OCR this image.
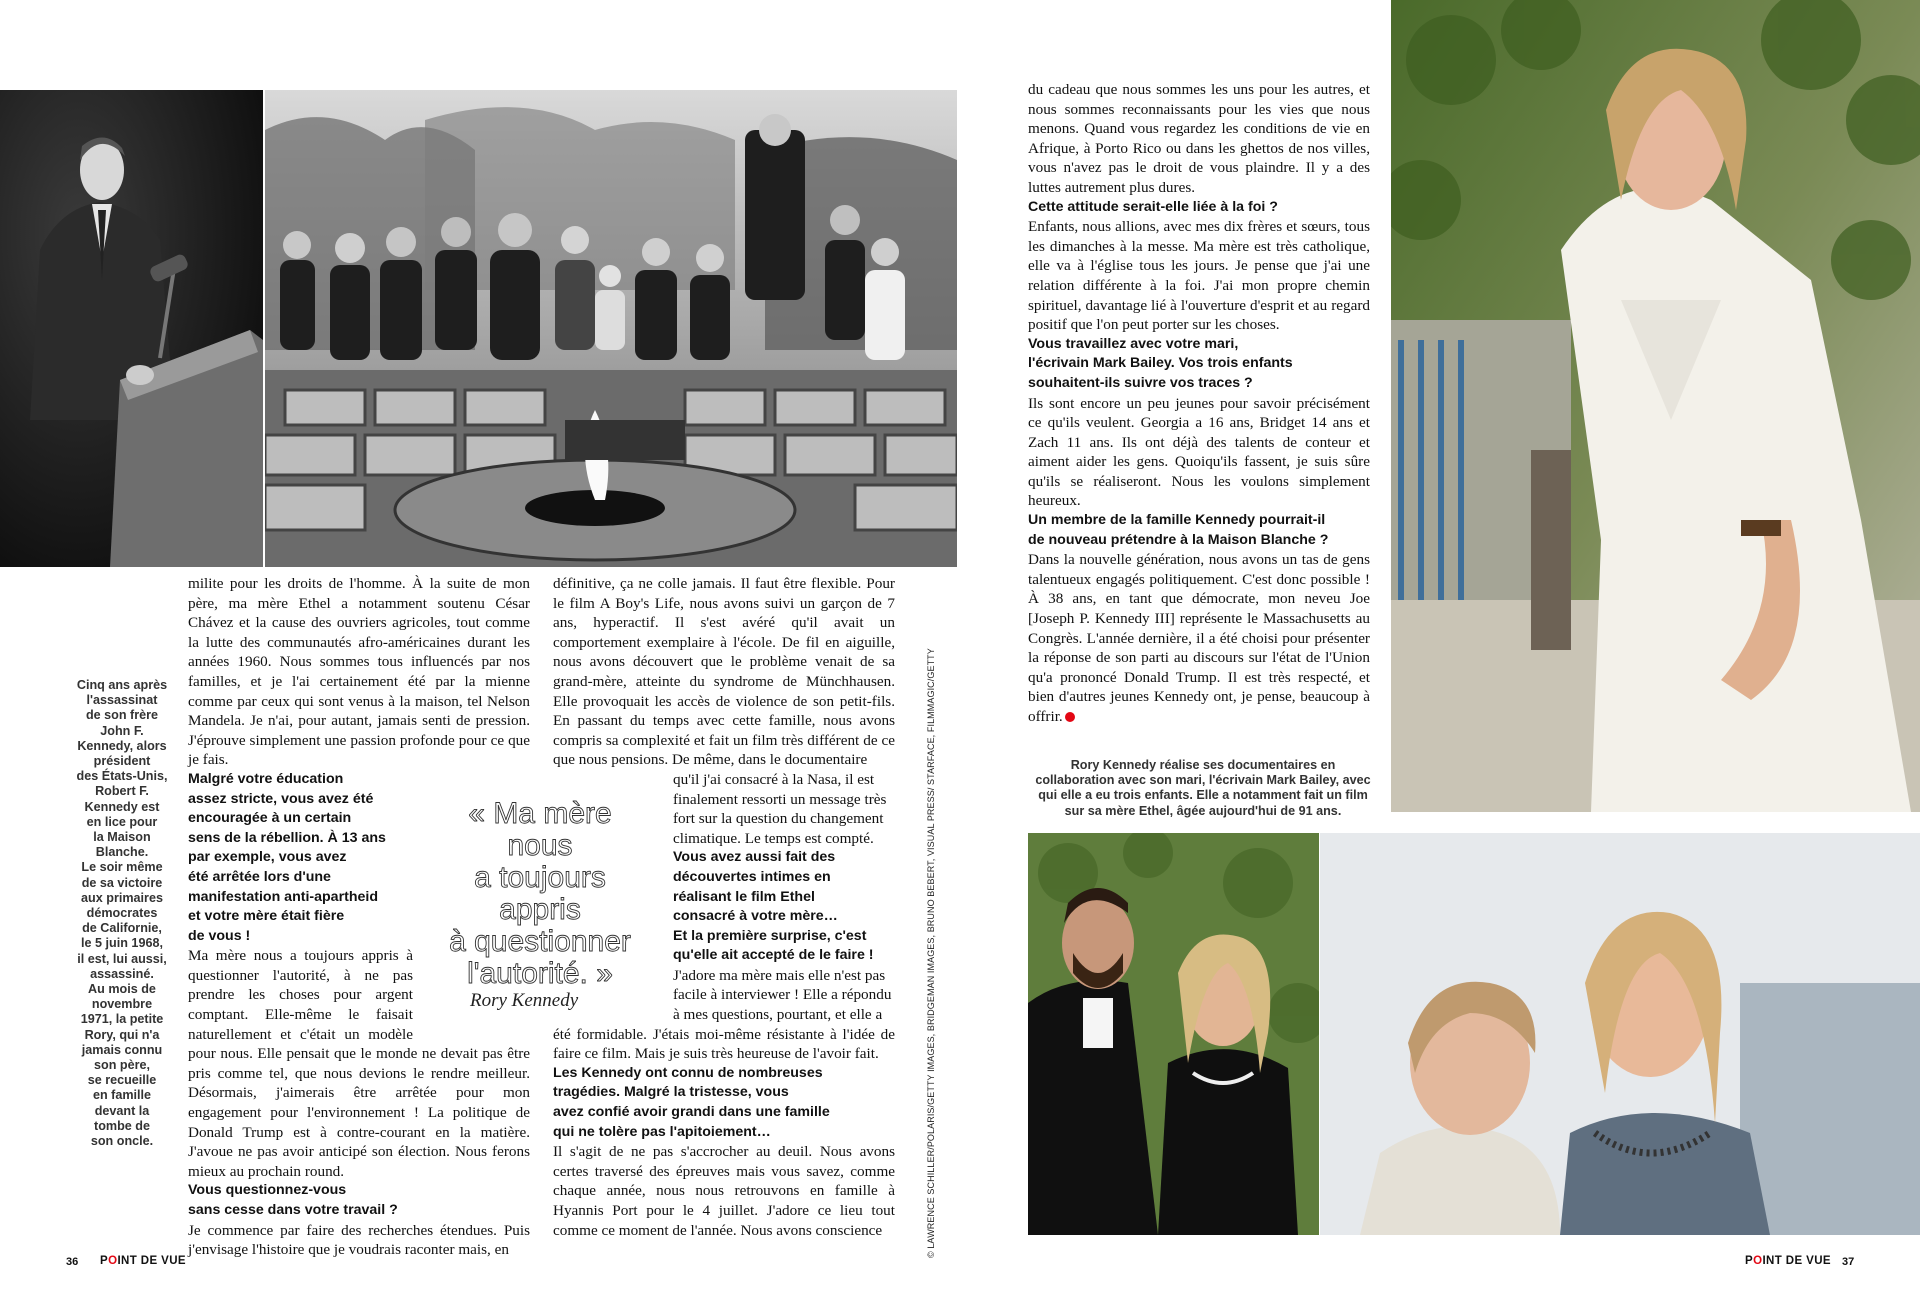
Cinq ans après
l'assassinat
de son frère
John F.
Kennedy, alors
président
des États-Unis,
Robert F.
Kennedy est
en lice pour
la Maison
Blanche.
Le soir même
de sa victoire
aux primaires
démocrates
de Californie,
le 5 juin 1968,
il est, lui aussi,
assassiné.
Au mois de
novembre
1971, la petite
Rory, qui n'a
jamais connu
son père,
se recueille
en famille
devant la
tombe de
son oncle.

milite pour les droits de l'homme. À la suite de mon père, ma mère Ethel a notamment soutenu César Chávez et la cause des ouvriers agricoles, tout comme la lutte des communautés afro-américaines durant les années 1960. Nous sommes tous influencés par nos familles, et je l'ai certainement été par la mienne comme par ceux qui sont venus à la maison, tel Nelson Mandela. Je n'ai, pour autant, jamais senti de pression. J'éprouve simplement une passion profonde pour ce que je fais.

Malgré votre éducation
assez stricte, vous avez été
encouragée à un certain
sens de la rébellion. À 13 ans
par exemple, vous avez
été arrêtée lors d'une
manifestation anti-apartheid
et votre mère était fière
de vous !
Ma mère nous a toujours appris à
questionner l'autorité, à ne pas
prendre les choses pour argent
comptant. Elle-même le faisait
naturellement et c'était un modèle

pour nous. Elle pensait que le monde ne devait pas être pris comme tel, que nous devions le rendre meilleur. Désormais, j'aimerais être arrêtée pour mon engagement pour l'environnement ! La politique de Donald Trump est à contre-courant en la matière. J'avoue ne pas avoir anticipé son élection. Nous ferons mieux au prochain round.

Vous questionnez-vous
sans cesse dans votre travail ?

Je commence par faire des recherches étendues. Puis j'envisage l'histoire que je voudrais raconter mais, en

définitive, ça ne colle jamais. Il faut être flexible. Pour le film A Boy's Life, nous avons suivi un garçon de 7 ans, hyperactif. Il s'est avéré qu'il avait un comportement exemplaire à l'école. De fil en aiguille, nous avons découvert que le problème venait de sa grand-mère, atteinte du syndrome de Münchhausen. Elle provoquait les accès de violence de son petit-fils. En passant du temps avec cette famille, nous avons compris sa complexité et fait un film très différent de ce que nous pensions. De même, dans le documentaire

qu'il j'ai consacré à la Nasa, il est
finalement ressorti un message très
fort sur la question du changement
climatique. Le temps est compté.
Vous avez aussi fait des
découvertes intimes en
réalisant le film Ethel
consacré à votre mère…
Et la première surprise, c'est
qu'elle ait accepté de le faire !
J'adore ma mère mais elle n'est pas
facile à interviewer ! Elle a répondu
à mes questions, pourtant, et elle a

été formidable. J'étais moi-même résistante à l'idée de faire ce film. Mais je suis très heureuse de l'avoir fait.

Les Kennedy ont connu de nombreuses
tragédies. Malgré la tristesse, vous
avez confié avoir grandi dans une famille
qui ne tolère pas l'apitoiement…

Il s'agit de ne pas s'accrocher au deuil. Nous avons certes traversé des épreuves mais vous savez, comme chaque année, nous nous retrouvons en famille à Hyannis Port pour le 4 juillet. J'adore ce lieu tout comme ce moment de l'année. Nous avons conscience

« Ma mère
nous
a toujours
appris
à questionner
l'autorité. »
Rory Kennedy	© LAWRENCE SCHILLER/POLARIS/GETTY IMAGES, BRIDGEMAN IMAGES, BRUNO BEBERT, VISUAL PRESS/ STARFACE, FILMMAGIC/GETTY

du cadeau que nous sommes les uns pour les autres, et nous sommes reconnaissants pour les vies que nous menons. Quand vous regardez les conditions de vie en Afrique, à Porto Rico ou dans les ghettos de nos villes, vous n'avez pas le droit de vous plaindre. Il y a des luttes autrement plus dures.

Cette attitude serait-elle liée à la foi ?

Enfants, nous allions, avec mes dix frères et sœurs, tous les dimanches à la messe. Ma mère est très catholique, elle va à l'église tous les jours. Je pense que j'ai une relation différente à la foi. J'ai mon propre chemin spirituel, davantage lié à l'ouverture d'esprit et au regard positif que l'on peut porter sur les choses.

Vous travaillez avec votre mari,
l'écrivain Mark Bailey. Vos trois enfants
souhaitent-ils suivre vos traces ?

Ils sont encore un peu jeunes pour savoir précisément ce qu'ils veulent. Georgia a 16 ans, Bridget 14 ans et Zach 11 ans. Ils ont déjà des talents de conteur et aiment aider les gens. Quoiqu'ils fassent, je suis sûre qu'ils se réaliseront. Nous les voulons simplement heureux.

Un membre de la famille Kennedy pourrait-il
de nouveau prétendre à la Maison Blanche ?

Dans la nouvelle génération, nous avons un tas de gens talentueux engagés politiquement. C'est donc possible ! À 38 ans, en tant que démocrate, mon neveu Joe [Joseph P. Kennedy III] représente le Massachusetts au Congrès. L'année dernière, il a été choisi pour présenter la réponse de son parti au discours sur l'état de l'Union qu'a prononcé Donald Trump. Il est très respecté, et bien d'autres jeunes Kennedy ont, je pense, beaucoup à offrir.

Rory Kennedy réalise ses documentaires en
collaboration avec son mari, l'écrivain Mark Bailey, avec
qui elle a eu trois enfants. Elle a notamment fait un film
sur sa mère Ethel, âgée aujourd'hui de 91 ans.
36 POINT DE VUE	POINT DE VUE 37
